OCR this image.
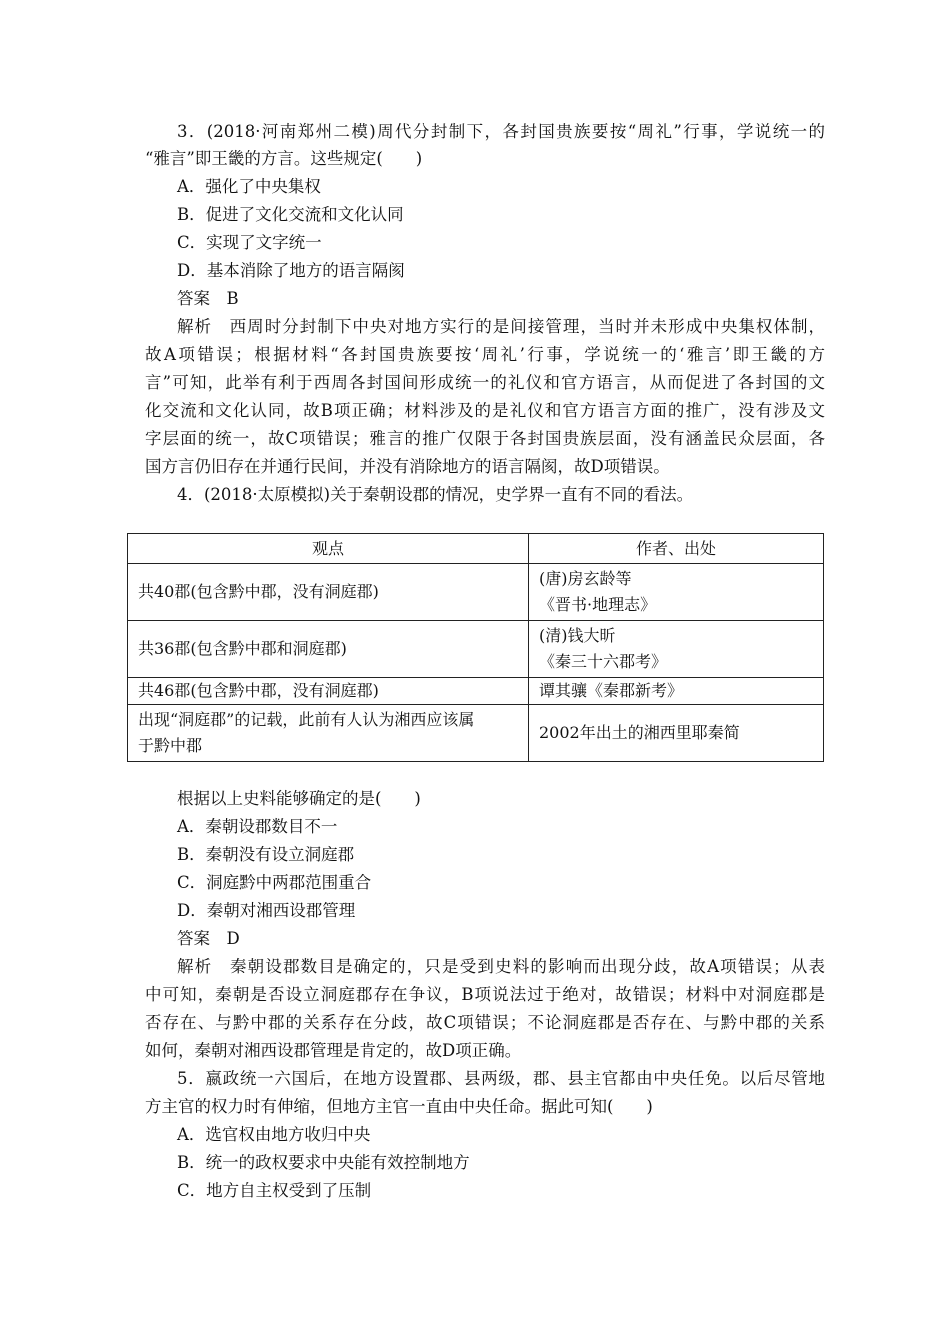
3．(2018·河南郑州二模)周代分封制下，各封国贵族要按“周礼”行事，学说统一的
“雅言”即王畿的方言。这些规定(　　)
A．强化了中央集权
B．促进了文化交流和文化认同
C．实现了文字统一
D．基本消除了地方的语言隔阂
答案　B
解析　西周时分封制下中央对地方实行的是间接管理，当时并未形成中央集权体制，
故A项错误；根据材料“各封国贵族要按‘周礼’行事，学说统一的‘雅言’即王畿的方
言”可知，此举有利于西周各封国间形成统一的礼仪和官方语言，从而促进了各封国的文
化交流和文化认同，故B项正确；材料涉及的是礼仪和官方语言方面的推广，没有涉及文
字层面的统一，故C项错误；雅言的推广仅限于各封国贵族层面，没有涵盖民众层面，各
国方言仍旧存在并通行民间，并没有消除地方的语言隔阂，故D项错误。
4．(2018·太原模拟)关于秦朝设郡的情况，史学界一直有不同的看法。
观点	作者、出处

共40郡(包含黔中郡，没有洞庭郡)	(唐)房玄龄等
《晋书·地理志》

共36郡(包含黔中郡和洞庭郡)	(清)钱大昕
《秦三十六郡考》

共46郡(包含黔中郡，没有洞庭郡)	谭其骧《秦郡新考》

出现“洞庭郡”的记载，此前有人认为湘西应该属
于黔中郡	2002年出土的湘西里耶秦简
根据以上史料能够确定的是(　　)
A．秦朝设郡数目不一
B．秦朝没有设立洞庭郡
C．洞庭黔中两郡范围重合
D．秦朝对湘西设郡管理
答案　D
解析　秦朝设郡数目是确定的，只是受到史料的影响而出现分歧，故A项错误；从表
中可知，秦朝是否设立洞庭郡存在争议，B项说法过于绝对，故错误；材料中对洞庭郡是
否存在、与黔中郡的关系存在分歧，故C项错误；不论洞庭郡是否存在、与黔中郡的关系
如何，秦朝对湘西设郡管理是肯定的，故D项正确。
5．嬴政统一六国后，在地方设置郡、县两级，郡、县主官都由中央任免。以后尽管地
方主官的权力时有伸缩，但地方主官一直由中央任命。据此可知(　　)
A．选官权由地方收归中央
B．统一的政权要求中央能有效控制地方
C．地方自主权受到了压制
